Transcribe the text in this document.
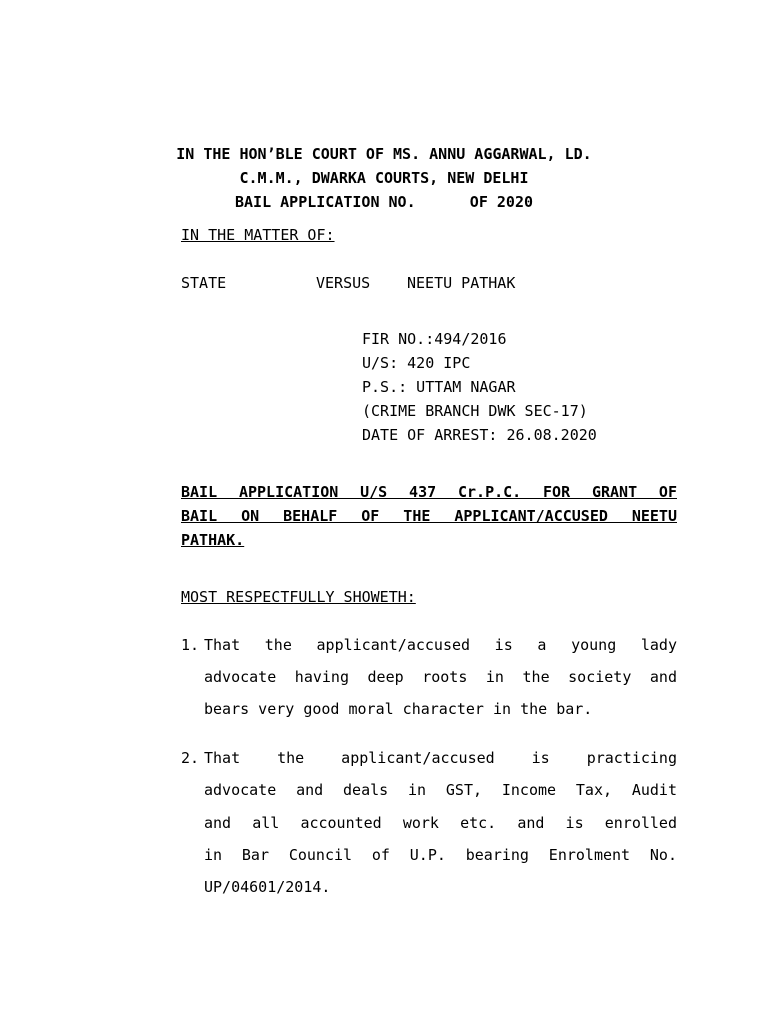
IN THE HON’BLE COURT OF MS. ANNU AGGARWAL, LD.
C.M.M., DWARKA COURTS, NEW DELHI
BAIL APPLICATION NO.      OF 2020
IN THE MATTER OF:
STATE	VERSUS NEETU PATHAK
FIR NO.:494/2016
U/S: 420 IPC
P.S.: UTTAM NAGAR
(CRIME BRANCH DWK SEC-17)
DATE OF ARREST: 26.08.2020
BAIL APPLICATION U/S 437 Cr.P.C. FOR GRANT OF
BAIL ON BEHALF OF THE APPLICANT/ACCUSED NEETU
PATHAK.
MOST RESPECTFULLY SHOWETH:
1. That the applicant/accused is a young lady
advocate having deep roots in the society and
bears very good moral character in the bar.
2. That the applicant/accused is practicing
advocate and deals in GST, Income Tax, Audit
and all accounted work etc. and is enrolled
in Bar Council of U.P. bearing Enrolment No.
UP/04601/2014.
